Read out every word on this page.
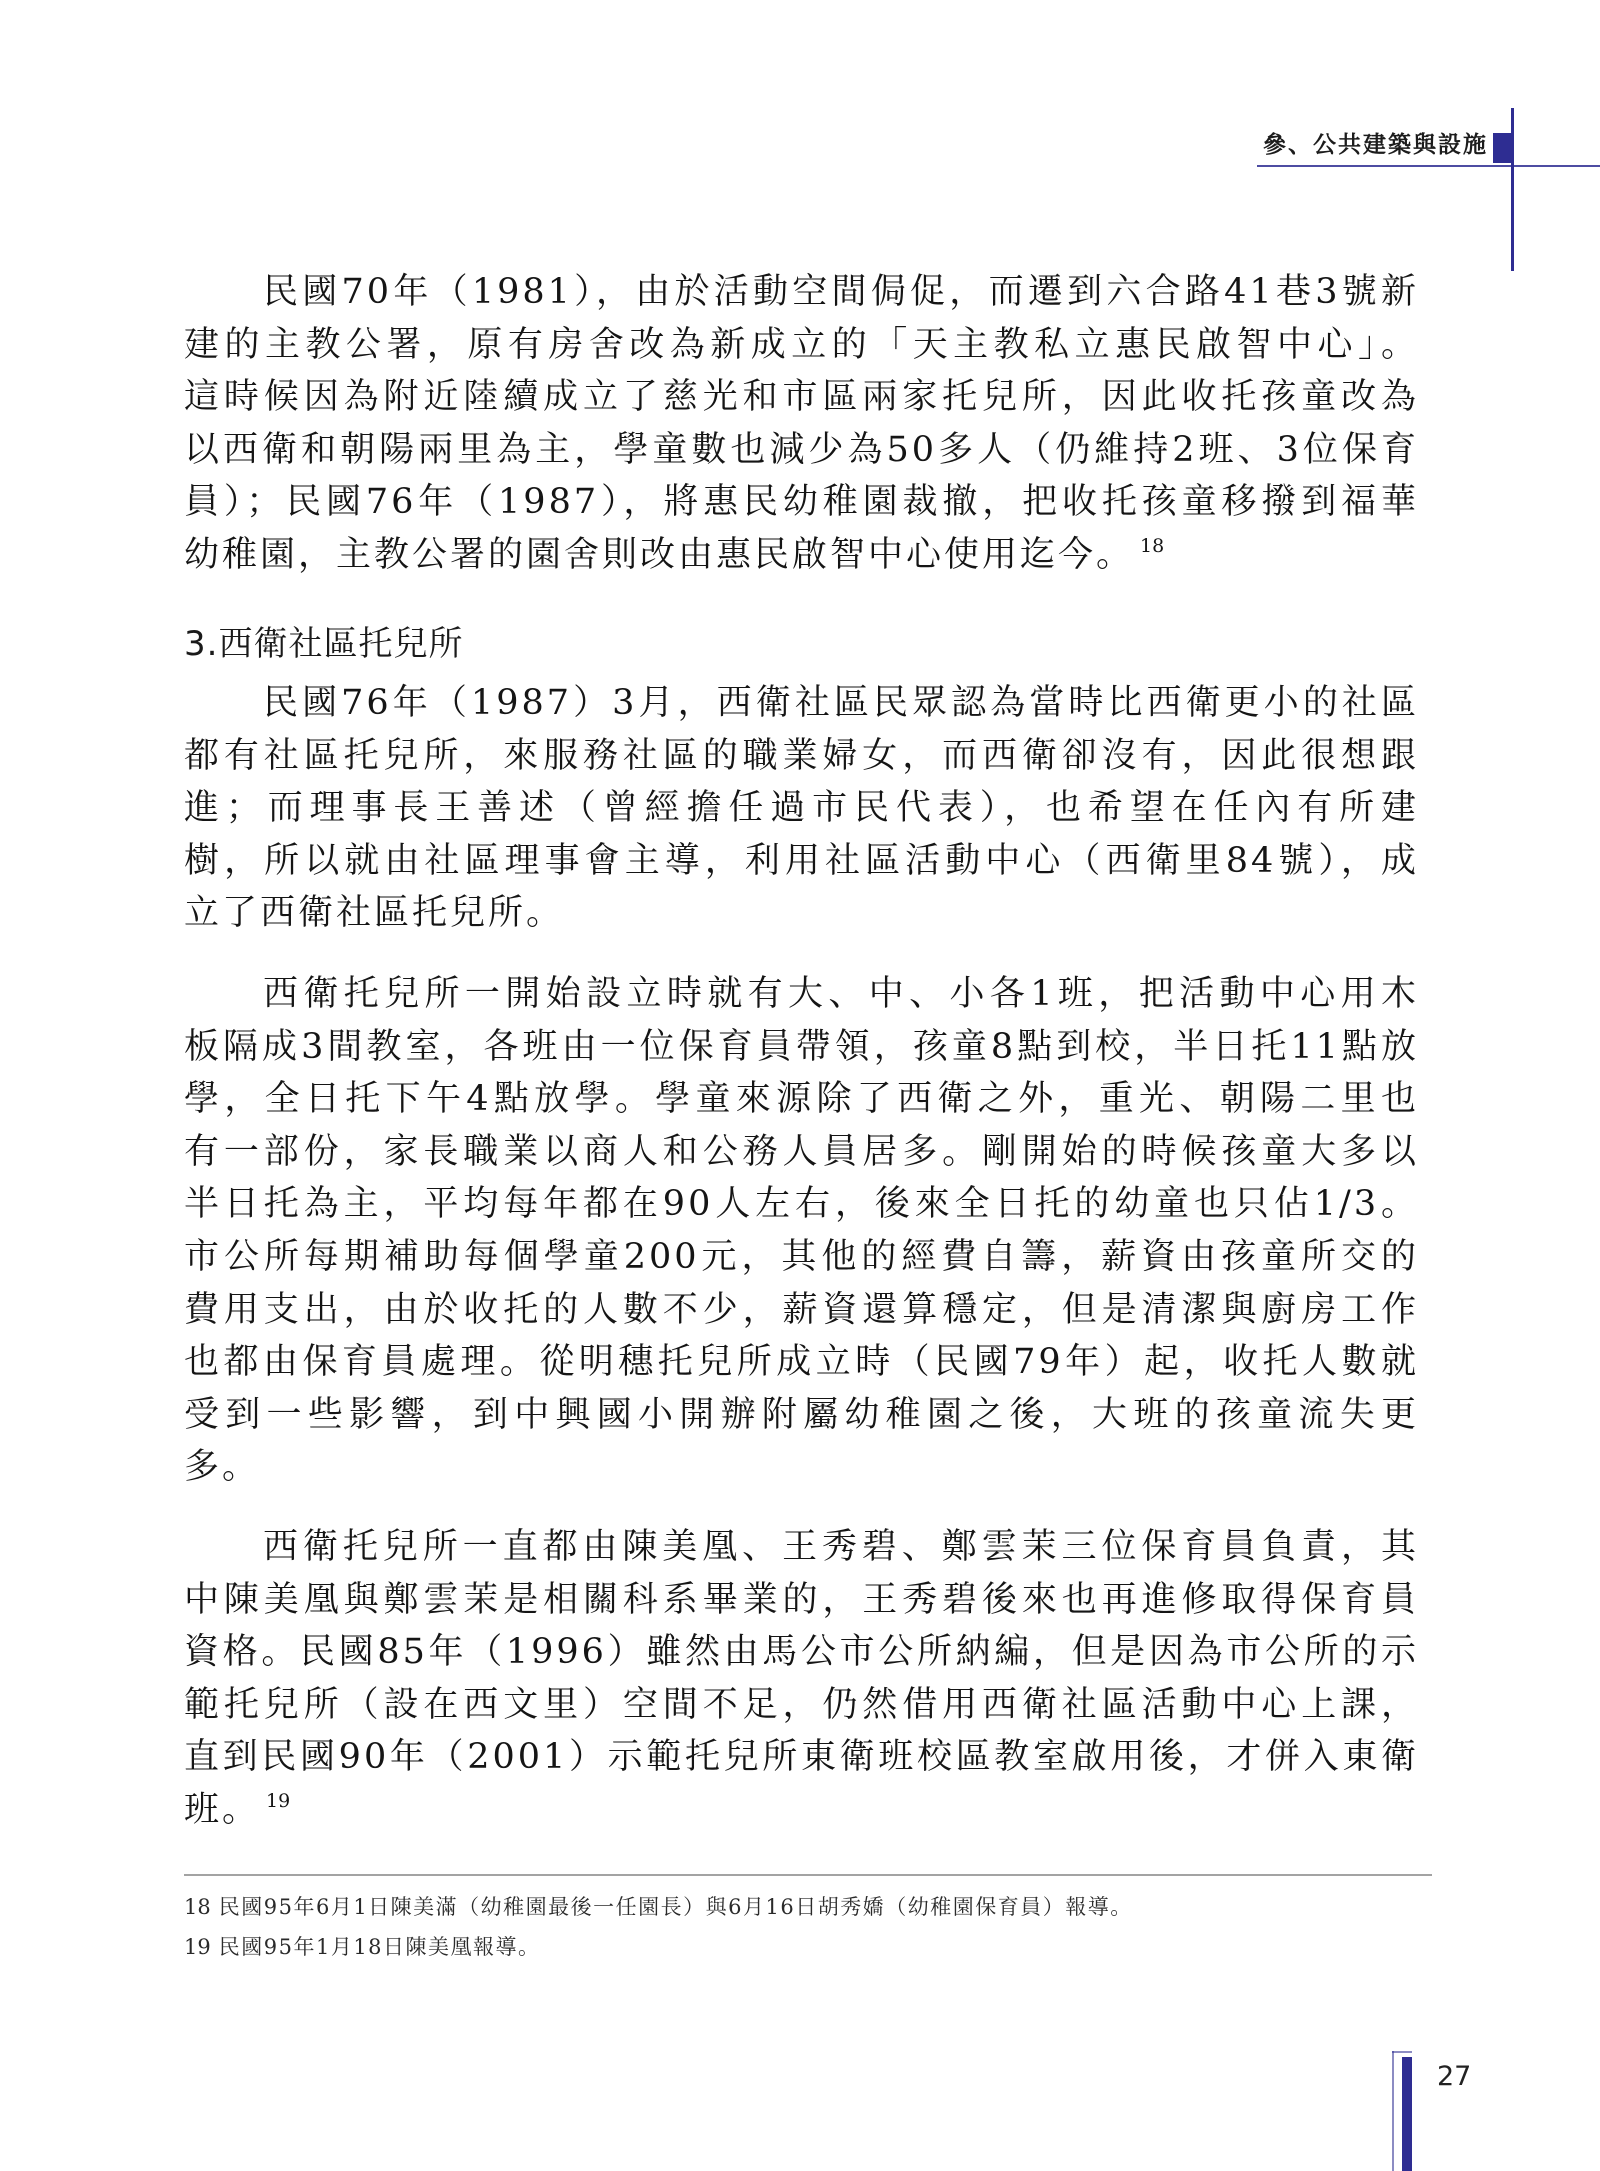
參、公共建築與設施
民國70年（1981），由於活動空間侷促，而遷到六合路41巷3號新
建的主教公署，原有房舍改為新成立的「天主教私立惠民啟智中心」。
這時候因為附近陸續成立了慈光和市區兩家托兒所，因此收托孩童改為
以西衛和朝陽兩里為主，學童數也減少為50多人（仍維持2班、3位保育
員）；民國76年（1987），將惠民幼稚園裁撤，把收托孩童移撥到福華
幼稚園，主教公署的園舍則改由惠民啟智中心使用迄今。 $^{18}$
3.西衛社區托兒所
民國76年（1987）3月，西衛社區民眾認為當時比西衛更小的社區
都有社區托兒所，來服務社區的職業婦女，而西衛卻沒有，因此很想跟
進；而理事長王善述（曾經擔任過市民代表），也希望在任內有所建
樹，所以就由社區理事會主導，利用社區活動中心（西衛里84號），成
立了西衛社區托兒所。
西衛托兒所一開始設立時就有大、中、小各1班，把活動中心用木
板隔成3間教室，各班由一位保育員帶領，孩童8點到校，半日托11點放
學，全日托下午4點放學。學童來源除了西衛之外，重光、朝陽二里也
有一部份，家長職業以商人和公務人員居多。剛開始的時候孩童大多以
半日托為主，平均每年都在90人左右，後來全日托的幼童也只佔1/3。
市公所每期補助每個學童200元，其他的經費自籌，薪資由孩童所交的
費用支出，由於收托的人數不少，薪資還算穩定，但是清潔與廚房工作
也都由保育員處理。從明穗托兒所成立時（民國79年）起，收托人數就
受到一些影響，到中興國小開辦附屬幼稚園之後，大班的孩童流失更
多。
西衛托兒所一直都由陳美凰、王秀碧、鄭雲茉三位保育員負責，其
中陳美凰與鄭雲茉是相關科系畢業的，王秀碧後來也再進修取得保育員
資格。民國85年（1996）雖然由馬公市公所納編，但是因為市公所的示
範托兒所（設在西文里）空間不足，仍然借用西衛社區活動中心上課，
直到民國90年（2001）示範托兒所東衛班校區教室啟用後，才併入東衛
班。 $^{19}$
18 民國95年6月1日陳美滿（幼稚園最後一任園長）與6月16日胡秀嬌（幼稚園保育員）報導。
19 民國95年1月18日陳美凰報導。
27
